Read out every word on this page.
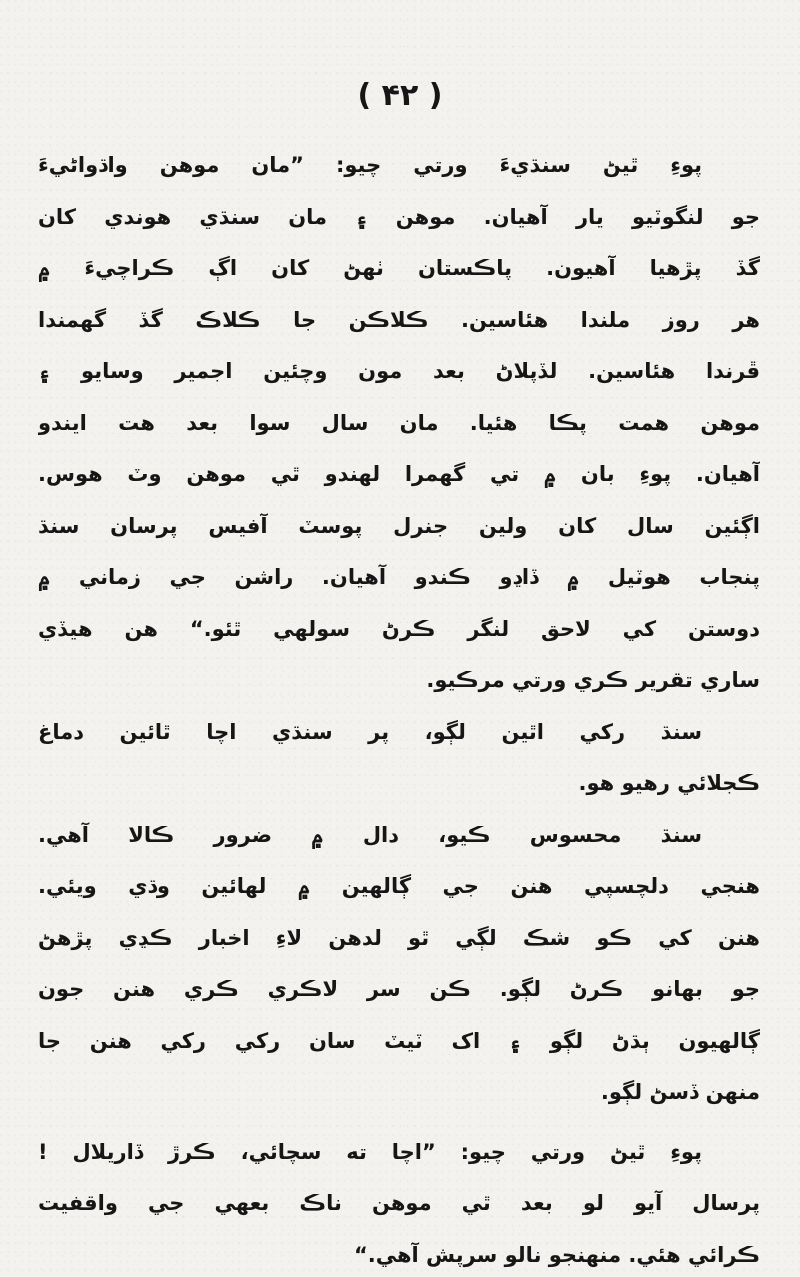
( ۴۲ )
پوءِ ٿيڻ سنڌيءَ ورتي چيو: ”مان موهن واڌواڻيءَ
جو لنگوٽيو يار آهيان. موهن ۽ مان سنڌي هوندي کان
گڏ پڙهيا آهيون. پاڪستان ٺهڻ کان اڳ ڪراچيءَ ۾
هر روز ملندا هئاسين. ڪلاڪن جا ڪلاڪ گڏ گهمندا
ڦرندا هئاسين. لڏپلاڻ بعد مون وچئين اجمير وسايو ۽
موهن همت پڪا هئيا. مان سال سوا بعد هت ايندو
آهيان. پوءِ بان ۾ تي گهمرا لهندو ٿي موهن وٽ هوس.
اڳئين سال کان ولين جنرل پوسٽ آفيس پرسان سنڌ
پنجاب هوٽيل ۾ ڏاڍو ڪندو آهيان. راشن جي زماني ۾
دوستن کي لاحق لنگر ڪرڻ سولهي ٿئو.“ هن هيڏي
ساري تقرير ڪري ورتي مرڪيو.
سنڌ رکي اٿين لڳو، پر سنڌي اچا ٿائين دماغ
ڪجلائي رهيو هو.
سنڌ محسوس ڪيو، دال ۾ ضرور ڪالا آهي.
هنجي دلچسپي هنن جي ڳالهين ۾ لهائين وڌي ويئي.
هنن کي ڪو شڪ لڳي ٿو لدهن لاءِ اخبار ڪڍي پڙهڻ
جو بهانو ڪرڻ لڳو. ڪن سر لاڪري ڪري هنن جون
ڳالهيون ٻڌڻ لڳو ۽ اک ٽيٽ سان رکي رکي هنن جا
منهن ڏسڻ لڳو.
پوءِ ٿيڻ ورتي چيو: ”اچا ته سچائي، ڪرڙ ڏاريلال !
پرسال آيو لو بعد ٿي موهن ناڪ بعهي جي واقفيت
ڪرائي هئي. منهنجو نالو سرپش آهي.“
